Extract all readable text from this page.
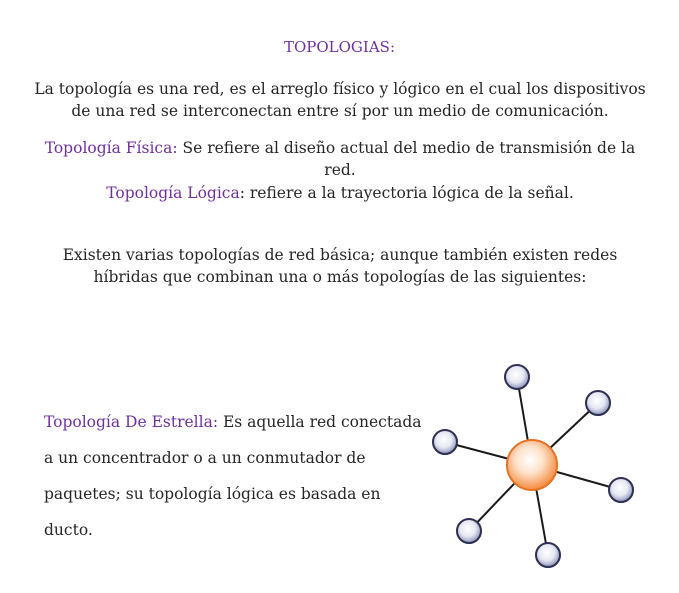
TOPOLOGIAS:
La topología es una red, es el arreglo físico y lógico en el cual los dispositivos de una red se interconectan entre sí por un medio de comunicación.
Topología Física: Se refiere al diseño actual del medio de transmisión de la red.
Topología Lógica: refiere a la trayectoria lógica de la señal.
Existen varias topologías de red básica; aunque también existen redes híbridas que combinan una o más topologías de las siguientes:
Topología De Estrella: Es aquella red conectada
a un concentrador o a un conmutador de
paquetes; su topología lógica es basada en ducto.
